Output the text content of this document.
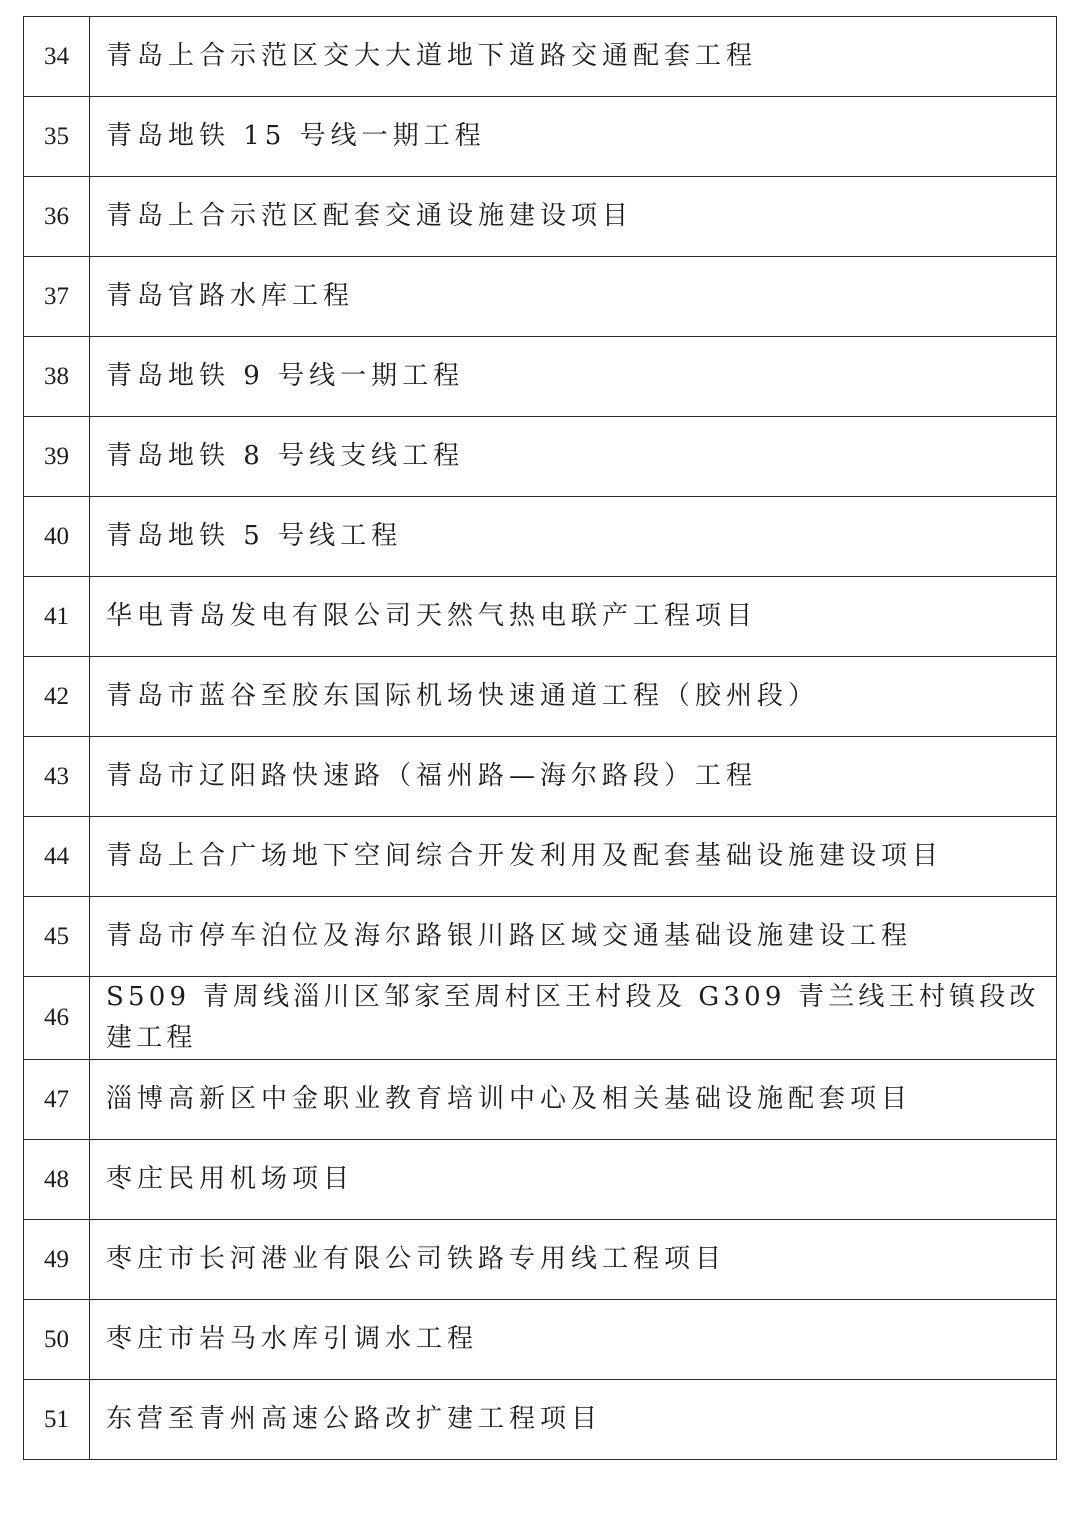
34	青岛上合示范区交大大道地下道路交通配套工程
35	青岛地铁 15 号线一期工程
36	青岛上合示范区配套交通设施建设项目
37	青岛官路水库工程
38	青岛地铁 9 号线一期工程
39	青岛地铁 8 号线支线工程
40	青岛地铁 5 号线工程
41	华电青岛发电有限公司天然气热电联产工程项目
42	青岛市蓝谷至胶东国际机场快速通道工程（胶州段）
43	青岛市辽阳路快速路（福州路—海尔路段）工程
44	青岛上合广场地下空间综合开发利用及配套基础设施建设项目
45	青岛市停车泊位及海尔路银川路区域交通基础设施建设工程
46	S509 青周线淄川区邹家至周村区王村段及 G309 青兰线王村镇段改建工程
47	淄博高新区中金职业教育培训中心及相关基础设施配套项目
48	枣庄民用机场项目
49	枣庄市长河港业有限公司铁路专用线工程项目
50	枣庄市岩马水库引调水工程
51	东营至青州高速公路改扩建工程项目
